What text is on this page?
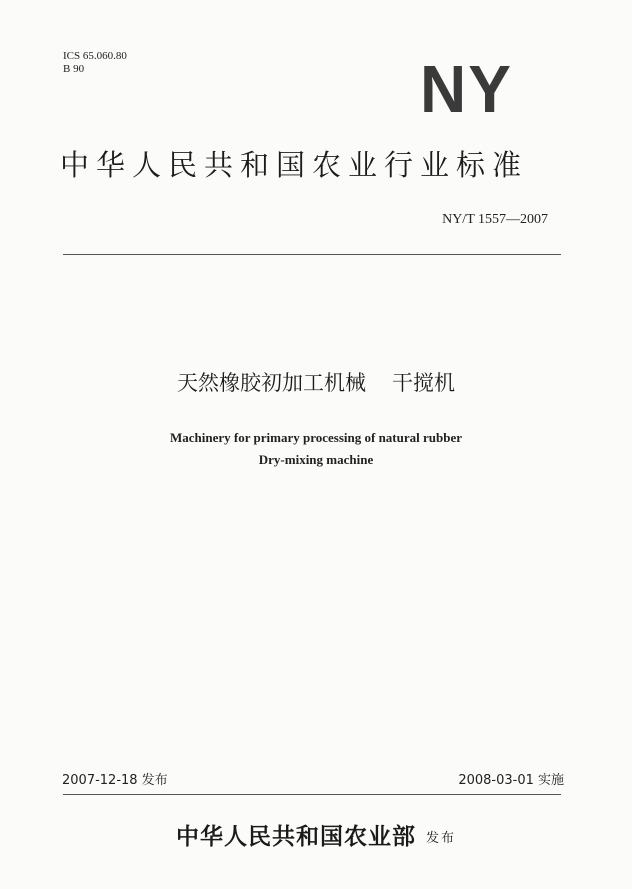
ICS 65.060.80
B 90	NY
中华人民共和国农业行业标准
NY/T 1557—2007
天然橡胶初加工机械 干搅机
Machinery for primary processing of natural rubber
Dry-mixing machine
2007-12-18 发布	2008-03-01 实施
中华人民共和国农业部 发布
